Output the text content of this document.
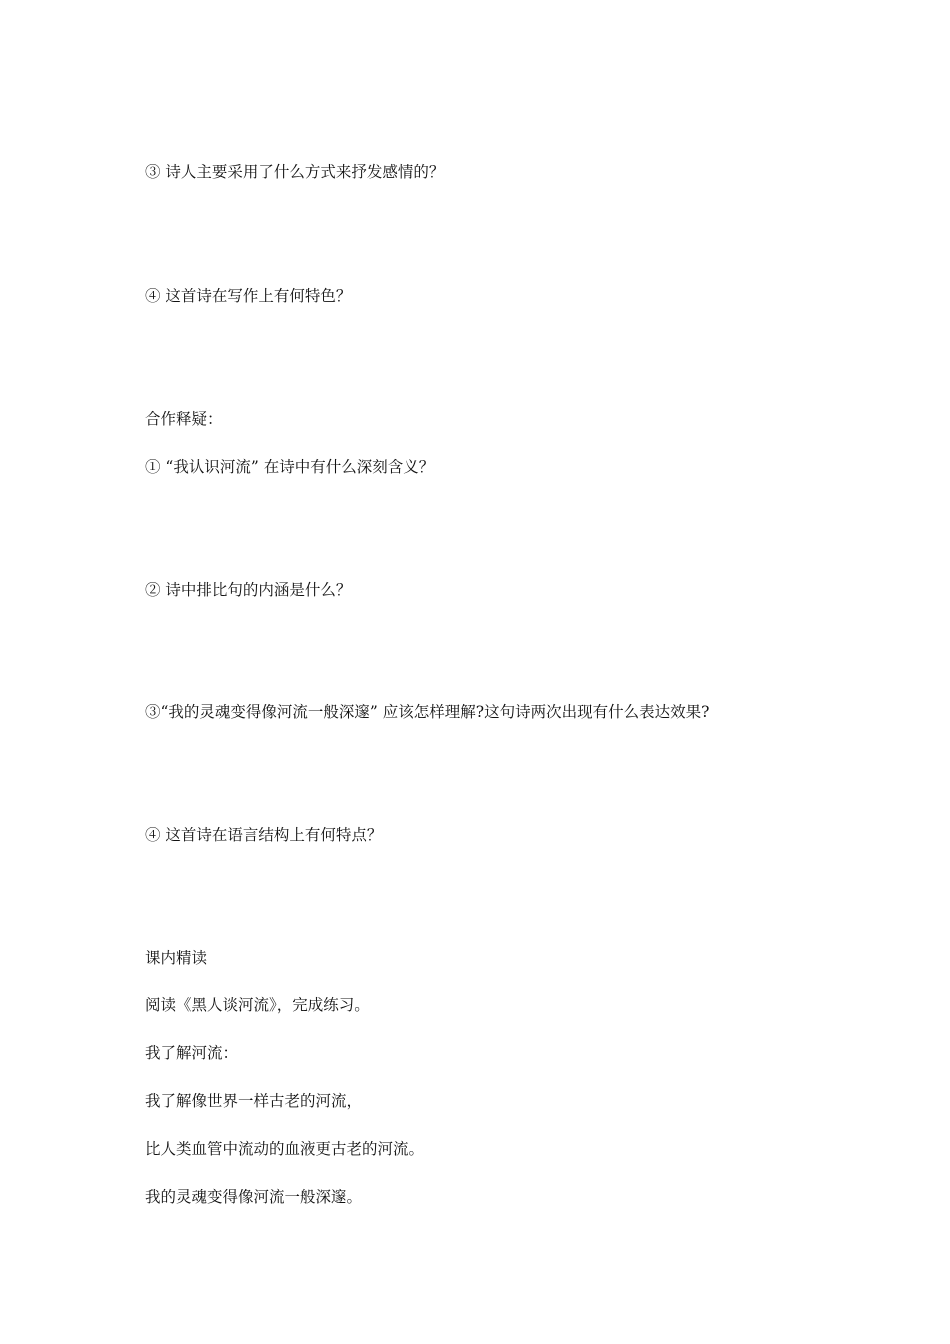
③ 诗人主要采用了什么方式来抒发感情的？

④ 这首诗在写作上有何特色？

合作释疑：

① “我认识河流” 在诗中有什么深刻含义？

② 诗中排比句的内涵是什么？

③“我的灵魂变得像河流一般深邃” 应该怎样理解?这句诗两次出现有什么表达效果?

④ 这首诗在语言结构上有何特点？

课内精读

阅读《黑人谈河流》，完成练习。

我了解河流：

我了解像世界一样古老的河流，

比人类血管中流动的血液更古老的河流。

我的灵魂变得像河流一般深邃。
